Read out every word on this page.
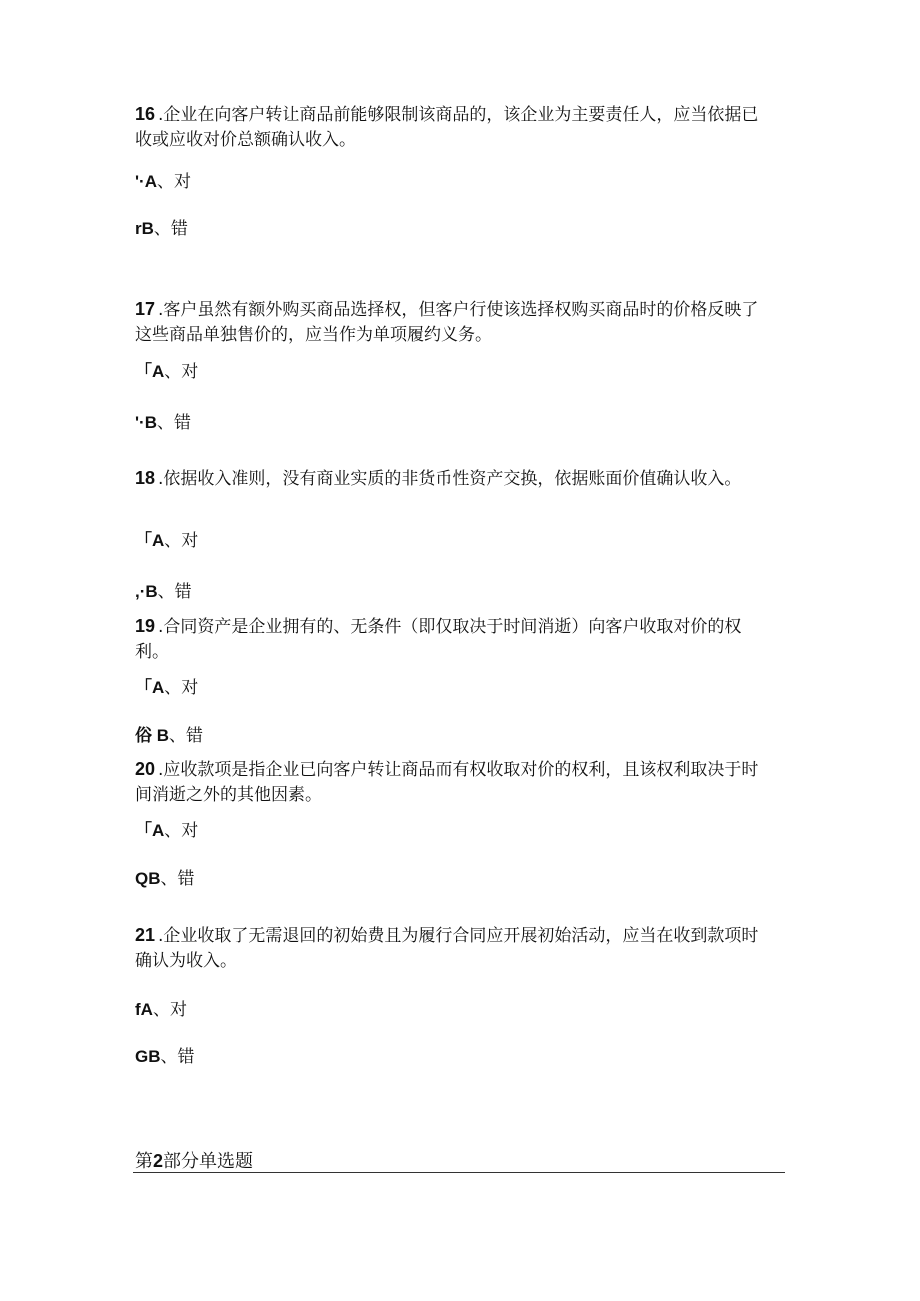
16 .企业在向客户转让商品前能够限制该商品的，该企业为主要责任人，应当依据已收或应收对价总额确认收入。
'·A、对
rB、错
17 .客户虽然有额外购买商品选择权，但客户行使该选择权购买商品时的价格反映了这些商品单独售价的，应当作为单项履约义务。
「A、对
'·B、错
18 .依据收入准则，没有商业实质的非货币性资产交换，依据账面价值确认收入。
「A、对
,·B、错
19 .合同资产是企业拥有的、无条件（即仅取决于时间消逝）向客户收取对价的权利。
「A、对
俗 B、错
20 .应收款项是指企业已向客户转让商品而有权收取对价的权利，且该权利取决于时间消逝之外的其他因素。
「A、对
QB、错
21 .企业收取了无需退回的初始费且为履行合同应开展初始活动，应当在收到款项时确认为收入。
fA、对
GB、错
第2部分单选题
